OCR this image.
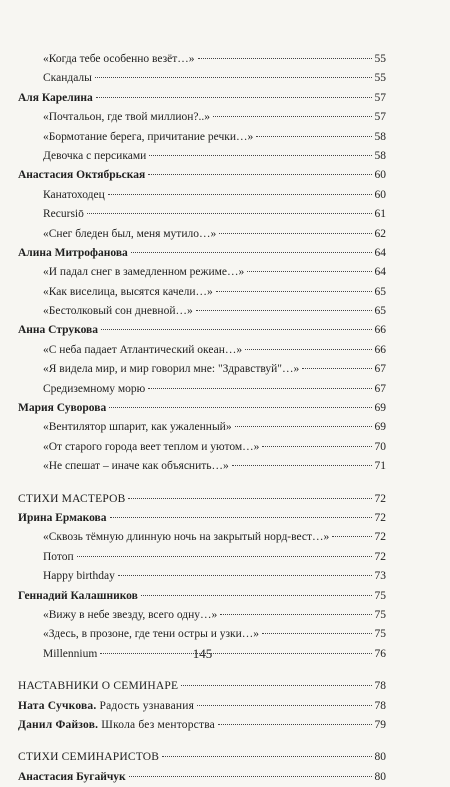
«Когда тебе особенно везёт…»	55
Скандалы	55
Аля Карелина	57
«Почтальон, где твой миллион?..»	57
«Бормотание берега, причитание речки…»	58
Девочка с персиками	58
Анастасия Октябрьская	60
Канатоходец	60
Recursiō	61
«Снег бледен был, меня мутило…»	62
Алина Митрофанова	64
«И падал снег в замедленном режиме…»	64
«Как виселица, высятся качели…»	65
«Бестолковый сон дневной…»	65
Анна Струкова	66
«С неба падает Атлантический океан…»	66
«Я видела мир, и мир говорил мне: "Здравствуй"…»	67
Средиземному морю	67
Мария Суворова	69
«Вентилятор шпарит, как ужаленный»	69
«От старого города веет теплом и уютом…»	70
«Не спешат – иначе как объяснить…»	71
СТИХИ МАСТЕРОВ	72
Ирина Ермакова	72
«Сквозь тёмную длинную ночь на закрытый норд-вест…»	72
Потоп	72
Happy birthday	73
Геннадий Калашников	75
«Вижу в небе звезду, всего одну…»	75
«Здесь, в прозоне, где тени остры и узки…»	75
Millennium	76
НАСТАВНИКИ О СЕМИНАРЕ	78
Ната Сучкова. Радость узнавания	78
Данил Файзов. Школа без менторства	79
СТИХИ СЕМИНАРИСТОВ	80
Анастасия Бугайчук	80
145
